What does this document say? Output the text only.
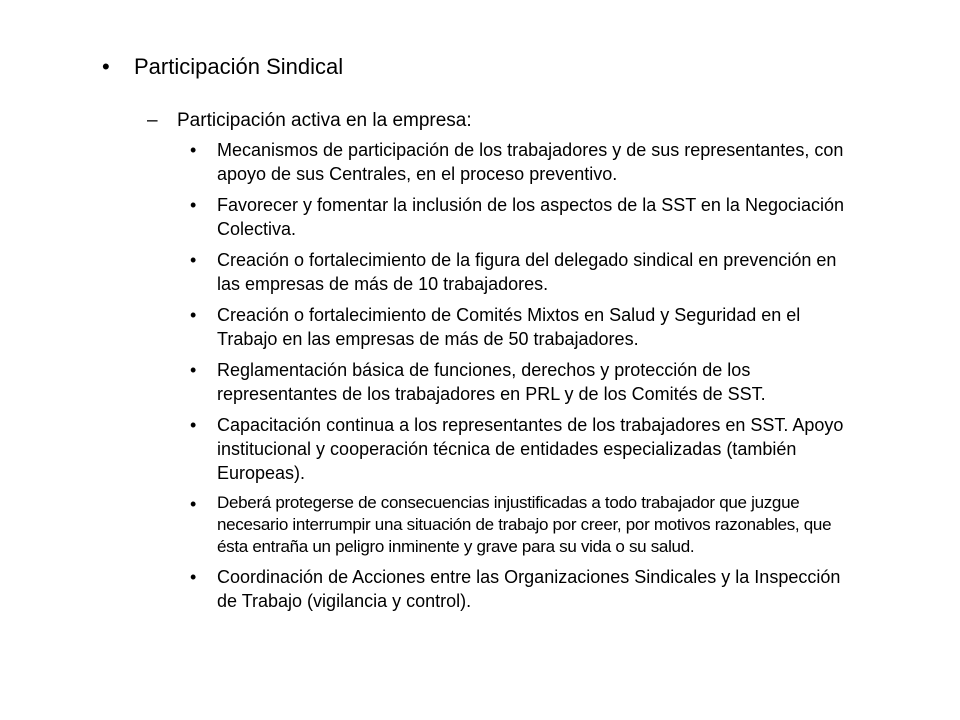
•	Participación Sindical
–	Participación activa en la empresa:
•	Mecanismos de participación de los trabajadores y de sus representantes, con apoyo de sus Centrales, en el proceso preventivo.
•	Favorecer y fomentar la inclusión de los aspectos de la SST en la Negociación Colectiva.
•	Creación o fortalecimiento de la figura del delegado sindical en prevención en las empresas de más de 10 trabajadores.
•	Creación o fortalecimiento de Comités Mixtos en Salud y Seguridad en el Trabajo en las empresas de más de 50 trabajadores.
•	Reglamentación básica de funciones, derechos y protección de los representantes de los trabajadores en PRL y de los Comités de SST.
•	Capacitación continua a los representantes de los trabajadores en SST. Apoyo institucional y cooperación técnica de entidades especializadas (también Europeas).
•	Deberá protegerse de consecuencias injustificadas a todo trabajador que juzgue necesario interrumpir una situación de trabajo por creer, por motivos razonables, que ésta entraña un peligro inminente y grave para su vida o su salud.
•	Coordinación de Acciones entre las Organizaciones Sindicales y la Inspección de Trabajo (vigilancia y control).
